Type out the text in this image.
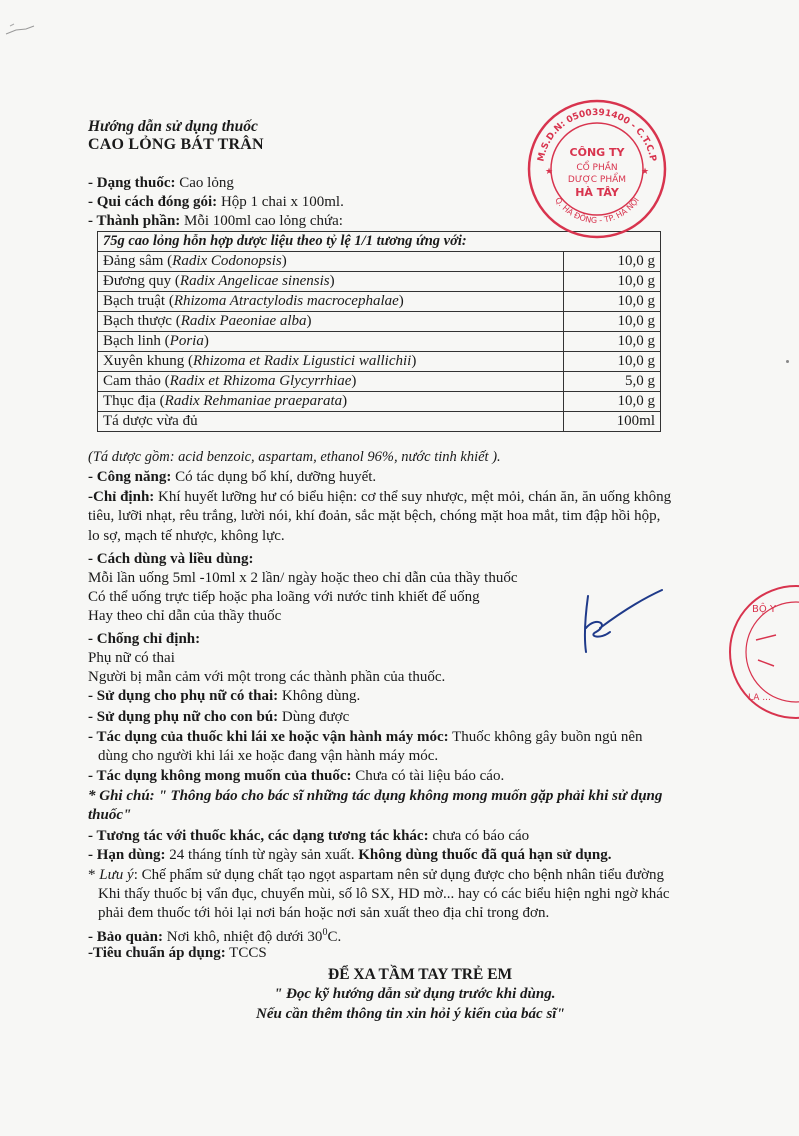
Hướng dẫn sử dụng thuốc
CAO LỎNG BÁT TRÂN
- Dạng thuốc: Cao lỏng
- Qui cách đóng gói: Hộp 1 chai x 100ml.
- Thành phần: Mỗi 100ml cao lỏng chứa:
75g cao lỏng hỗn hợp dược liệu theo tỷ lệ 1/1 tương ứng với:	
Đảng sâm (Radix Codonopsis)	10,0 g
Đương quy (Radix Angelicae sinensis)	10,0 g
Bạch truật (Rhizoma Atractylodis macrocephalae)	10,0 g
Bạch thược (Radix Paeoniae alba)	10,0 g
Bạch linh (Poria)	10,0 g
Xuyên khung (Rhizoma et Radix Ligustici wallichii)	10,0 g
Cam thảo (Radix et Rhizoma Glycyrrhiae)	5,0 g
Thục địa (Radix Rehmaniae praeparata)	10,0 g
Tá dược vừa đủ	100ml
(Tá dược gồm: acid benzoic, aspartam, ethanol 96%, nước tinh khiết ).
- Công năng: Có tác dụng bổ khí, dưỡng huyết.
-Chỉ định: Khí huyết lưỡng hư có biểu hiện: cơ thể suy nhược, mệt mỏi, chán ăn, ăn uống không
tiêu, lưỡi nhạt, rêu trắng, lười nói, khí đoản, sắc mặt bệch, chóng mặt hoa mắt, tim đập hồi hộp,
lo sợ, mạch tế nhược, không lực.
- Cách dùng và liều dùng:
Mỗi lần uống 5ml -10ml x 2 lần/ ngày hoặc theo chỉ dẫn của thầy thuốc
Có thể uống trực tiếp hoặc pha loãng với nước tinh khiết để uống
Hay theo chỉ dẫn của thầy thuốc
- Chống chỉ định:
Phụ nữ có thai
Người bị mẫn cảm với một trong các thành phần của thuốc.
- Sử dụng cho phụ nữ có thai: Không dùng.
- Sử dụng phụ nữ cho con bú: Dùng được
- Tác dụng của thuốc khi lái xe hoặc vận hành máy móc: Thuốc không gây buồn ngủ nên
dùng cho người khi lái xe hoặc đang vận hành máy móc.
- Tác dụng không mong muốn của thuốc: Chưa có tài liệu báo cáo.
* Ghi chú: " Thông báo cho bác sĩ những tác dụng không mong muốn gặp phải khi sử dụng
thuốc"
- Tương tác với thuốc khác, các dạng tương tác khác: chưa có báo cáo
- Hạn dùng: 24 tháng tính từ ngày sản xuất. Không dùng thuốc đã quá hạn sử dụng.
* Lưu ý: Chế phẩm sử dụng chất tạo ngọt aspartam nên sử dụng được cho bệnh nhân tiểu đường
Khi thấy thuốc bị vẩn đục, chuyển mùi, số lô SX, HD mờ... hay có các biểu hiện nghi ngờ khác
phải đem thuốc tới hỏi lại nơi bán hoặc nơi sản xuất theo địa chỉ trong đơn.
- Bảo quản: Nơi khô, nhiệt độ dưới $30^0C$.
-Tiêu chuẩn áp dụng: TCCS
ĐỂ XA TẦM TAY TRẺ EM
" Đọc kỹ hướng dẫn sử dụng trước khi dùng.
Nếu cần thêm thông tin xin hỏi ý kiến của bác sĩ"
M.S.D.N: 0500391400 - C.T.C.P
Q. HÀ ĐÔNG - TP. HÀ NỘI
CÔNG TY
CỔ PHẦN
DƯỢC PHẨM
HÀ TÂY
★	★
BỘ Y
LA ...
